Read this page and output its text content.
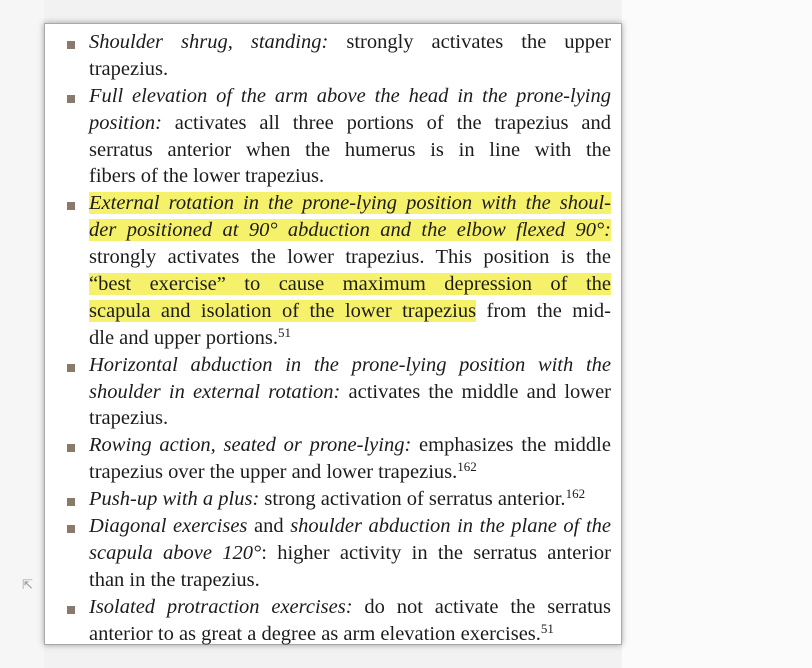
Shoulder shrug, standing: strongly activates the upper
trapezius.
Full elevation of the arm above the head in the prone-lying
position: activates all three portions of the trapezius and
serratus anterior when the humerus is in line with the
fibers of the lower trapezius.
External rotation in the prone-lying position with the shoul-
der positioned at 90° abduction and the elbow flexed 90°:
strongly activates the lower trapezius. This position is the
“best exercise” to cause maximum depression of the
scapula and isolation of the lower trapezius from the mid-
dle and upper portions.$^{51}$
Horizontal abduction in the prone-lying position with the
shoulder in external rotation: activates the middle and lower
trapezius.
Rowing action, seated or prone-lying: emphasizes the middle
trapezius over the upper and lower trapezius.$^{162}$
Push-up with a plus: strong activation of serratus anterior.$^{162}$
Diagonal exercises and shoulder abduction in the plane of the
scapula above 120°: higher activity in the serratus anterior
than in the trapezius.
Isolated protraction exercises: do not activate the serratus
anterior to as great a degree as arm elevation exercises.$^{51}$
⇱
